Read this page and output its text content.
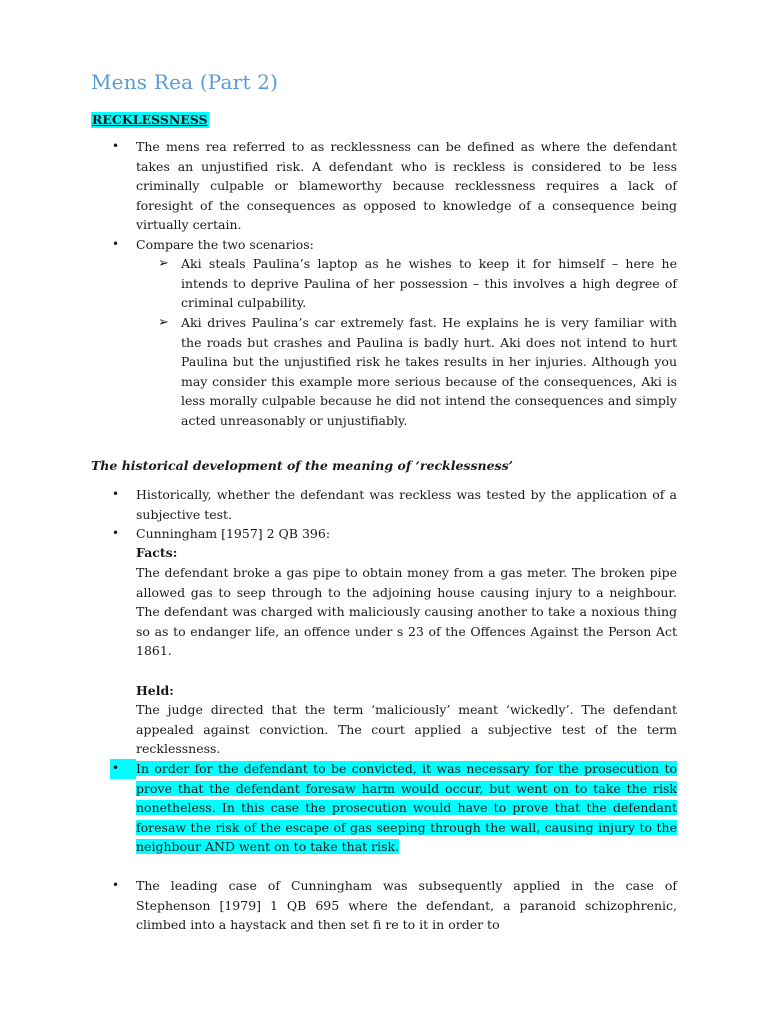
Mens Rea (Part 2)
RECKLESSNESS
• The mens rea referred to as recklessness can be defined as where the defendant takes an unjustified risk. A defendant who is reckless is considered to be less criminally culpable or blameworthy because recklessness requires a lack of foresight of the consequences as opposed to knowledge of a consequence being virtually certain.

• Compare the two scenarios:

➢ Aki steals Paulina’s laptop as he wishes to keep it for himself – here he intends to deprive Paulina of her possession – this involves a high degree of criminal culpability.

➢ Aki drives Paulina’s car extremely fast. He explains he is very familiar with the roads but crashes and Paulina is badly hurt. Aki does not intend to hurt Paulina but the unjustified risk he takes results in her injuries. Although you may consider this example more serious because of the consequences, Aki is less morally culpable because he did not intend the consequences and simply acted unreasonably or unjustifiably.

The historical development of the meaning of ‘recklessness’
• Historically, whether the defendant was reckless was tested by the application of a subjective test.

• Cunningham [1957] 2 QB 396:

Facts:

The defendant broke a gas pipe to obtain money from a gas meter. The broken pipe allowed gas to seep through to the adjoining house causing injury to a neighbour. The defendant was charged with maliciously causing another to take a noxious thing so as to endanger life, an offence under s 23 of the Offences Against the Person Act 1861.

Held:

The judge directed that the term ‘maliciously’ meant ‘wickedly’. The defendant appealed against conviction. The court applied a subjective test of the term recklessness.

•	In order for the defendant to be convicted, it was necessary for the prosecution to prove that the defendant foresaw harm would occur, but went on to take the risk nonetheless. In this case the prosecution would have to prove that the defendant foresaw the risk of the escape of gas seeping through the wall, causing injury to the neighbour AND went on to take that risk.

• The leading case of Cunningham was subsequently applied in the case of Stephenson [1979] 1 QB 695 where the defendant, a paranoid schizophrenic, climbed into a haystack and then set fi re to it in order to
